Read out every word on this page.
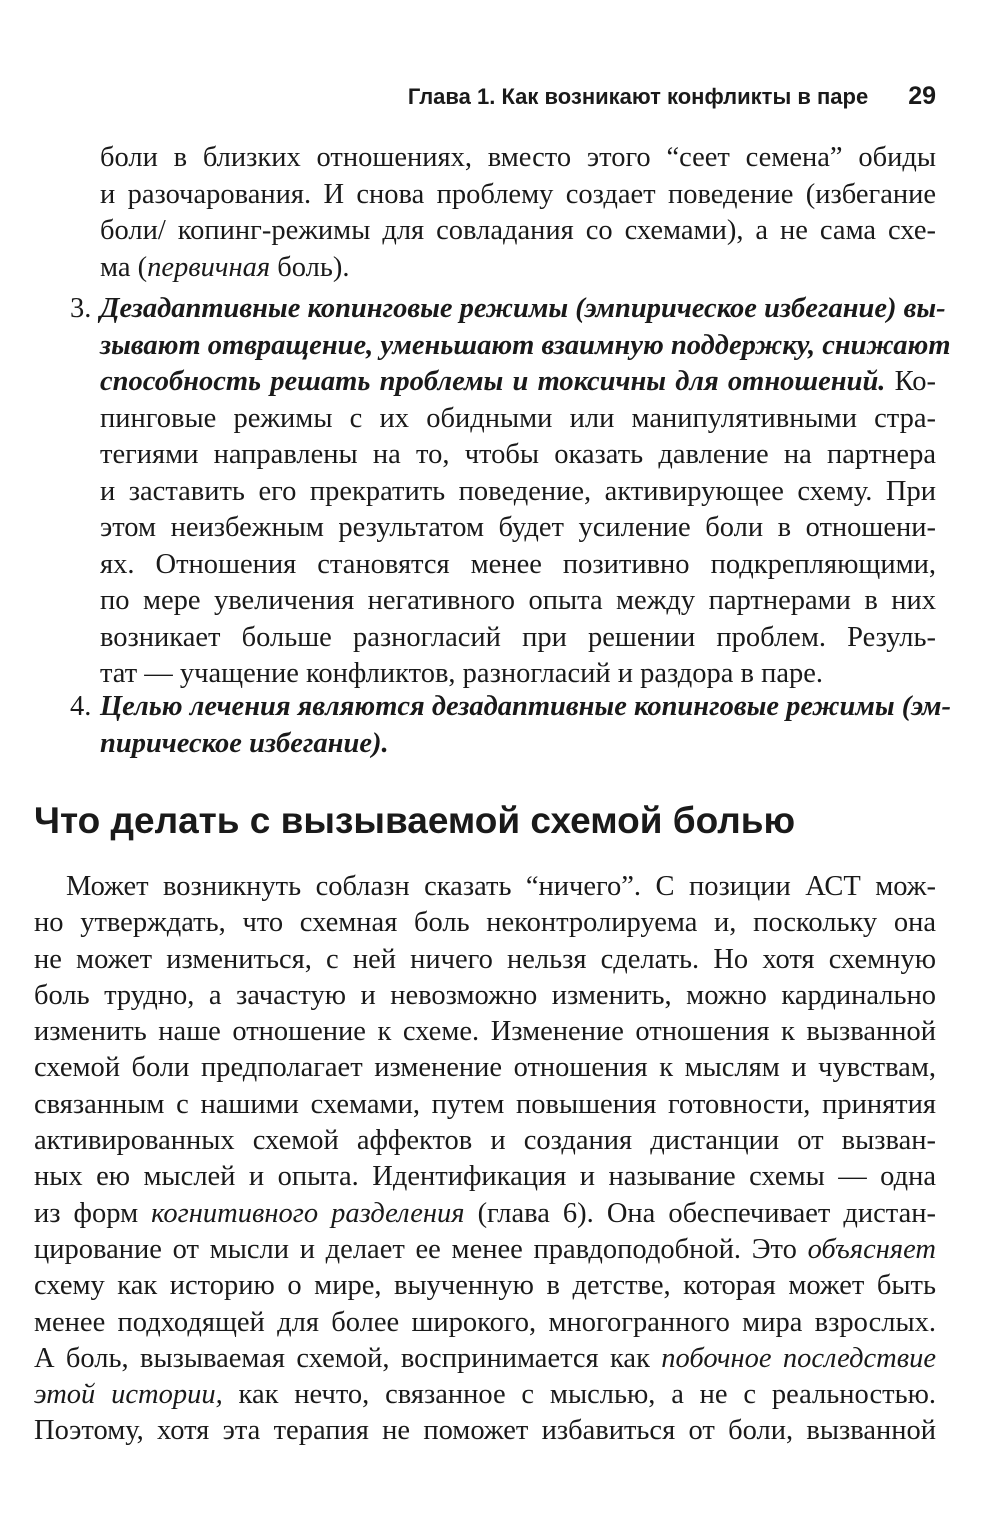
Глава 1. Как возникают конфликты в паре 29
боли в близких отношениях, вместо этого “сеет семена” обиды
и разочарования. И снова проблему создает поведение (избегание
боли/ копинг-режимы для совладания со схемами), а не сама схе-
ма (первичная боль).
3. Дезадаптивные копинговые режимы (эмпирическое избегание) вы-
зывают отвращение, уменьшают взаимную поддержку, снижают
способность решать проблемы и токсичны для отношений. Ко-
пинговые режимы с их обидными или манипулятивными стра-
тегиями направлены на то, чтобы оказать давление на партнера
и заставить его прекратить поведение, активирующее схему. При
этом неизбежным результатом будет усиление боли в отношени-
ях. Отношения становятся менее позитивно подкрепляющими,
по мере увеличения негативного опыта между партнерами в них
возникает больше разногласий при решении проблем. Резуль-
тат — учащение конфликтов, разногласий и раздора в паре.
4. Целью лечения являются дезадаптивные копинговые режимы (эм-
пирическое избегание).
Что делать с вызываемой схемой болью
Может возникнуть соблазн сказать “ничего”. С позиции АСТ мож-
но утверждать, что схемная боль неконтролируема и, поскольку она
не может измениться, с ней ничего нельзя сделать. Но хотя схемную
боль трудно, а зачастую и невозможно изменить, можно кардинально
изменить наше отношение к схеме. Изменение отношения к вызванной
схемой боли предполагает изменение отношения к мыслям и чувствам,
связанным с нашими схемами, путем повышения готовности, принятия
активированных схемой аффектов и создания дистанции от вызван-
ных ею мыслей и опыта. Идентификация и называние схемы — одна
из форм когнитивного разделения (глава 6). Она обеспечивает дистан-
цирование от мысли и делает ее менее правдоподобной. Это объясняет
схему как историю о мире, выученную в детстве, которая может быть
менее подходящей для более широкого, многогранного мира взрослых.
А боль, вызываемая схемой, воспринимается как побочное последствие
этой истории, как нечто, связанное с мыслью, а не с реальностью.
Поэтому, хотя эта терапия не поможет избавиться от боли, вызванной
